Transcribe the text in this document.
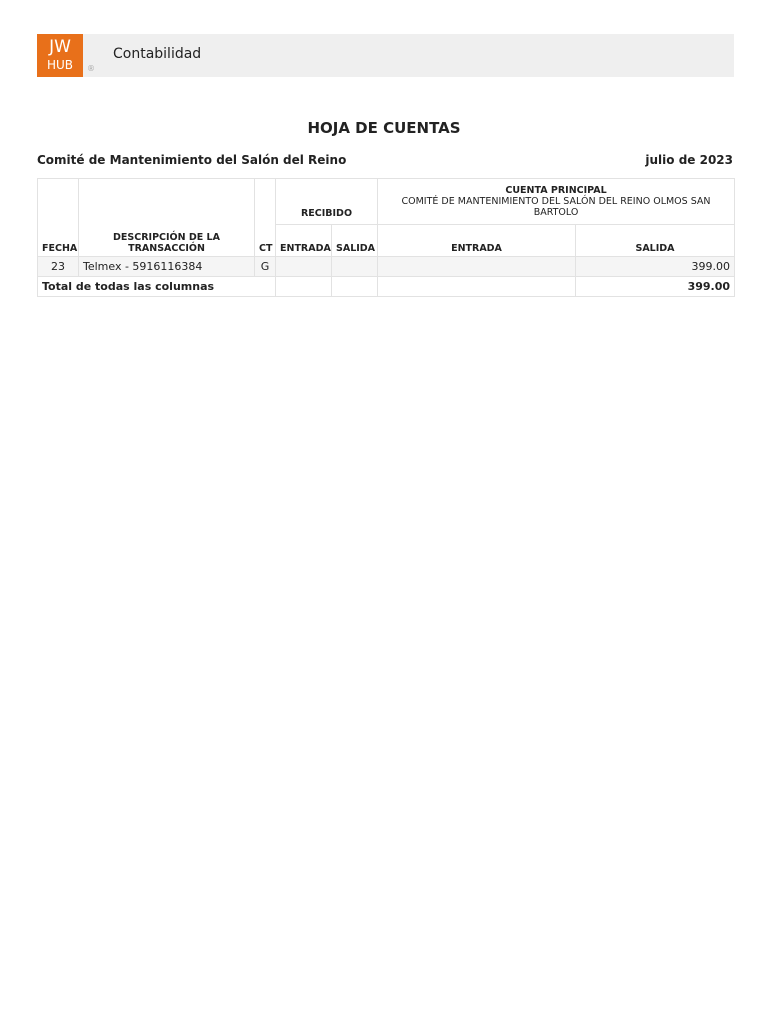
JW
HUB	®
Contabilidad
HOJA DE CUENTAS
Comité de Mantenimiento del Salón del Reino	julio de 2023
FECHA	DESCRIPCIÓN DE LA TRANSACCIÓN	CT	RECIBIDO		CUENTA PRINCIPAL
COMITÉ DE MANTENIMIENTO DEL SALÓN DEL REINO OLMOS SAN BARTOLO	

			ENTRADA	SALIDA	ENTRADA	SALIDA
23	Telmex - 5916116384	G				399.00
Total de todas las columnas						399.00
